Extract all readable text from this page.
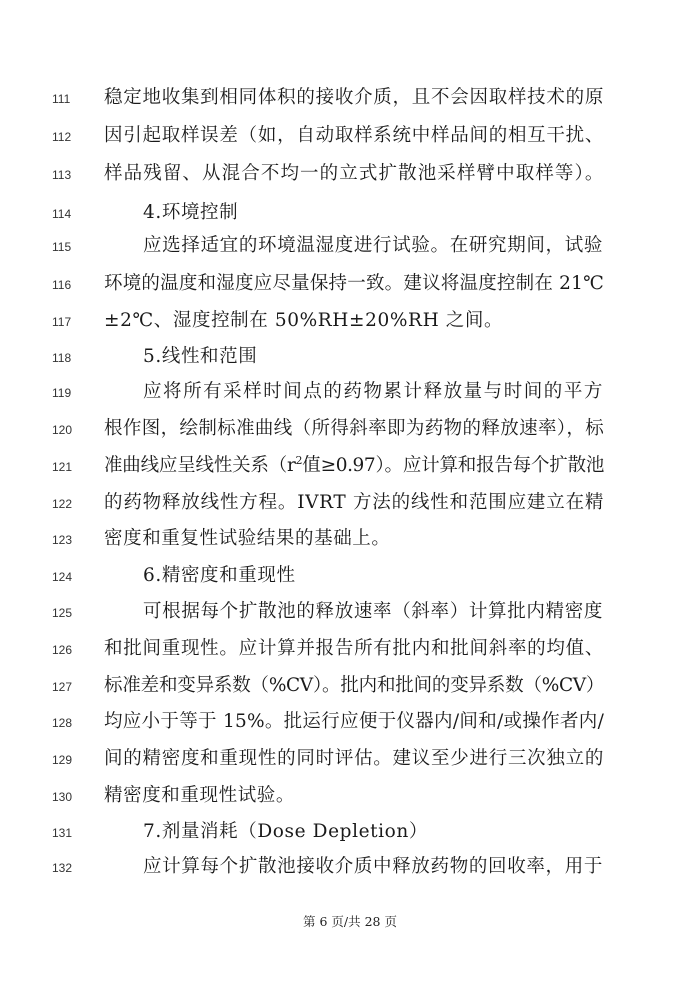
111	稳定地收集到相同体积的接收介质，且不会因取样技术的原
112	因引起取样误差（如，自动取样系统中样品间的相互干扰、
113	样品残留、从混合不均一的立式扩散池采样臂中取样等）。
114	4.环境控制
115	应选择适宜的环境温湿度进行试验。在研究期间，试验
116	环境的温度和湿度应尽量保持一致。建议将温度控制在 21℃
117	±2℃、湿度控制在 50%RH±20%RH 之间。
118	5.线性和范围
119	应将所有采样时间点的药物累计释放量与时间的平方
120	根作图，绘制标准曲线（所得斜率即为药物的释放速率），标
121	准曲线应呈线性关系（$r^2$值≥0.97）。应计算和报告每个扩散池
122	的药物释放线性方程。IVRT 方法的线性和范围应建立在精
123	密度和重复性试验结果的基础上。
124	6.精密度和重现性
125	可根据每个扩散池的释放速率（斜率）计算批内精密度
126	和批间重现性。应计算并报告所有批内和批间斜率的均值、
127	标准差和变异系数（%CV）。批内和批间的变异系数（%CV）
128	均应小于等于 15%。批运行应便于仪器内/间和/或操作者内/
129	间的精密度和重现性的同时评估。建议至少进行三次独立的
130	精密度和重现性试验。
131	7.剂量消耗（Dose Depletion）
132	应计算每个扩散池接收介质中释放药物的回收率，用于
第 6 页/共 28 页
